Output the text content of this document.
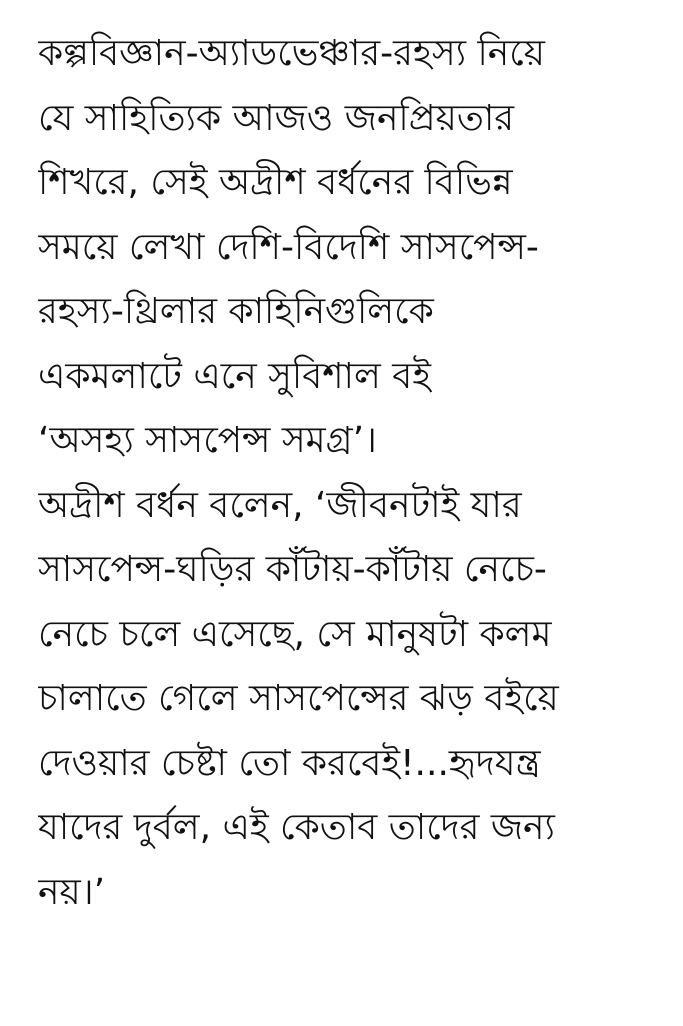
কল্পবিজ্ঞান-অ্যাডভেঞ্চার-রহস্য নিয়ে
যে সাহিত্যিক আজও জনপ্রিয়তার
শিখরে, সেই অদ্রীশ বর্ধনের বিভিন্ন
সময়ে লেখা দেশি-বিদেশি সাসপেন্স-
রহস্য-থ্রিলার কাহিনিগুলিকে
একমলাটে এনে সুবিশাল বই
‘অসহ্য সাসপেন্স সমগ্র’।
অদ্রীশ বর্ধন বলেন, ‘জীবনটাই যার
সাসপেন্স-ঘড়ির কাঁটায়-কাঁটায় নেচে-
নেচে চলে এসেছে, সে মানুষটা কলম
চালাতে গেলে সাসপেন্সের ঝড় বইয়ে
দেওয়ার চেষ্টা তো করবেই!...হৃদযন্ত্র
যাদের দুর্বল, এই কেতাব তাদের জন্য
নয়।’
